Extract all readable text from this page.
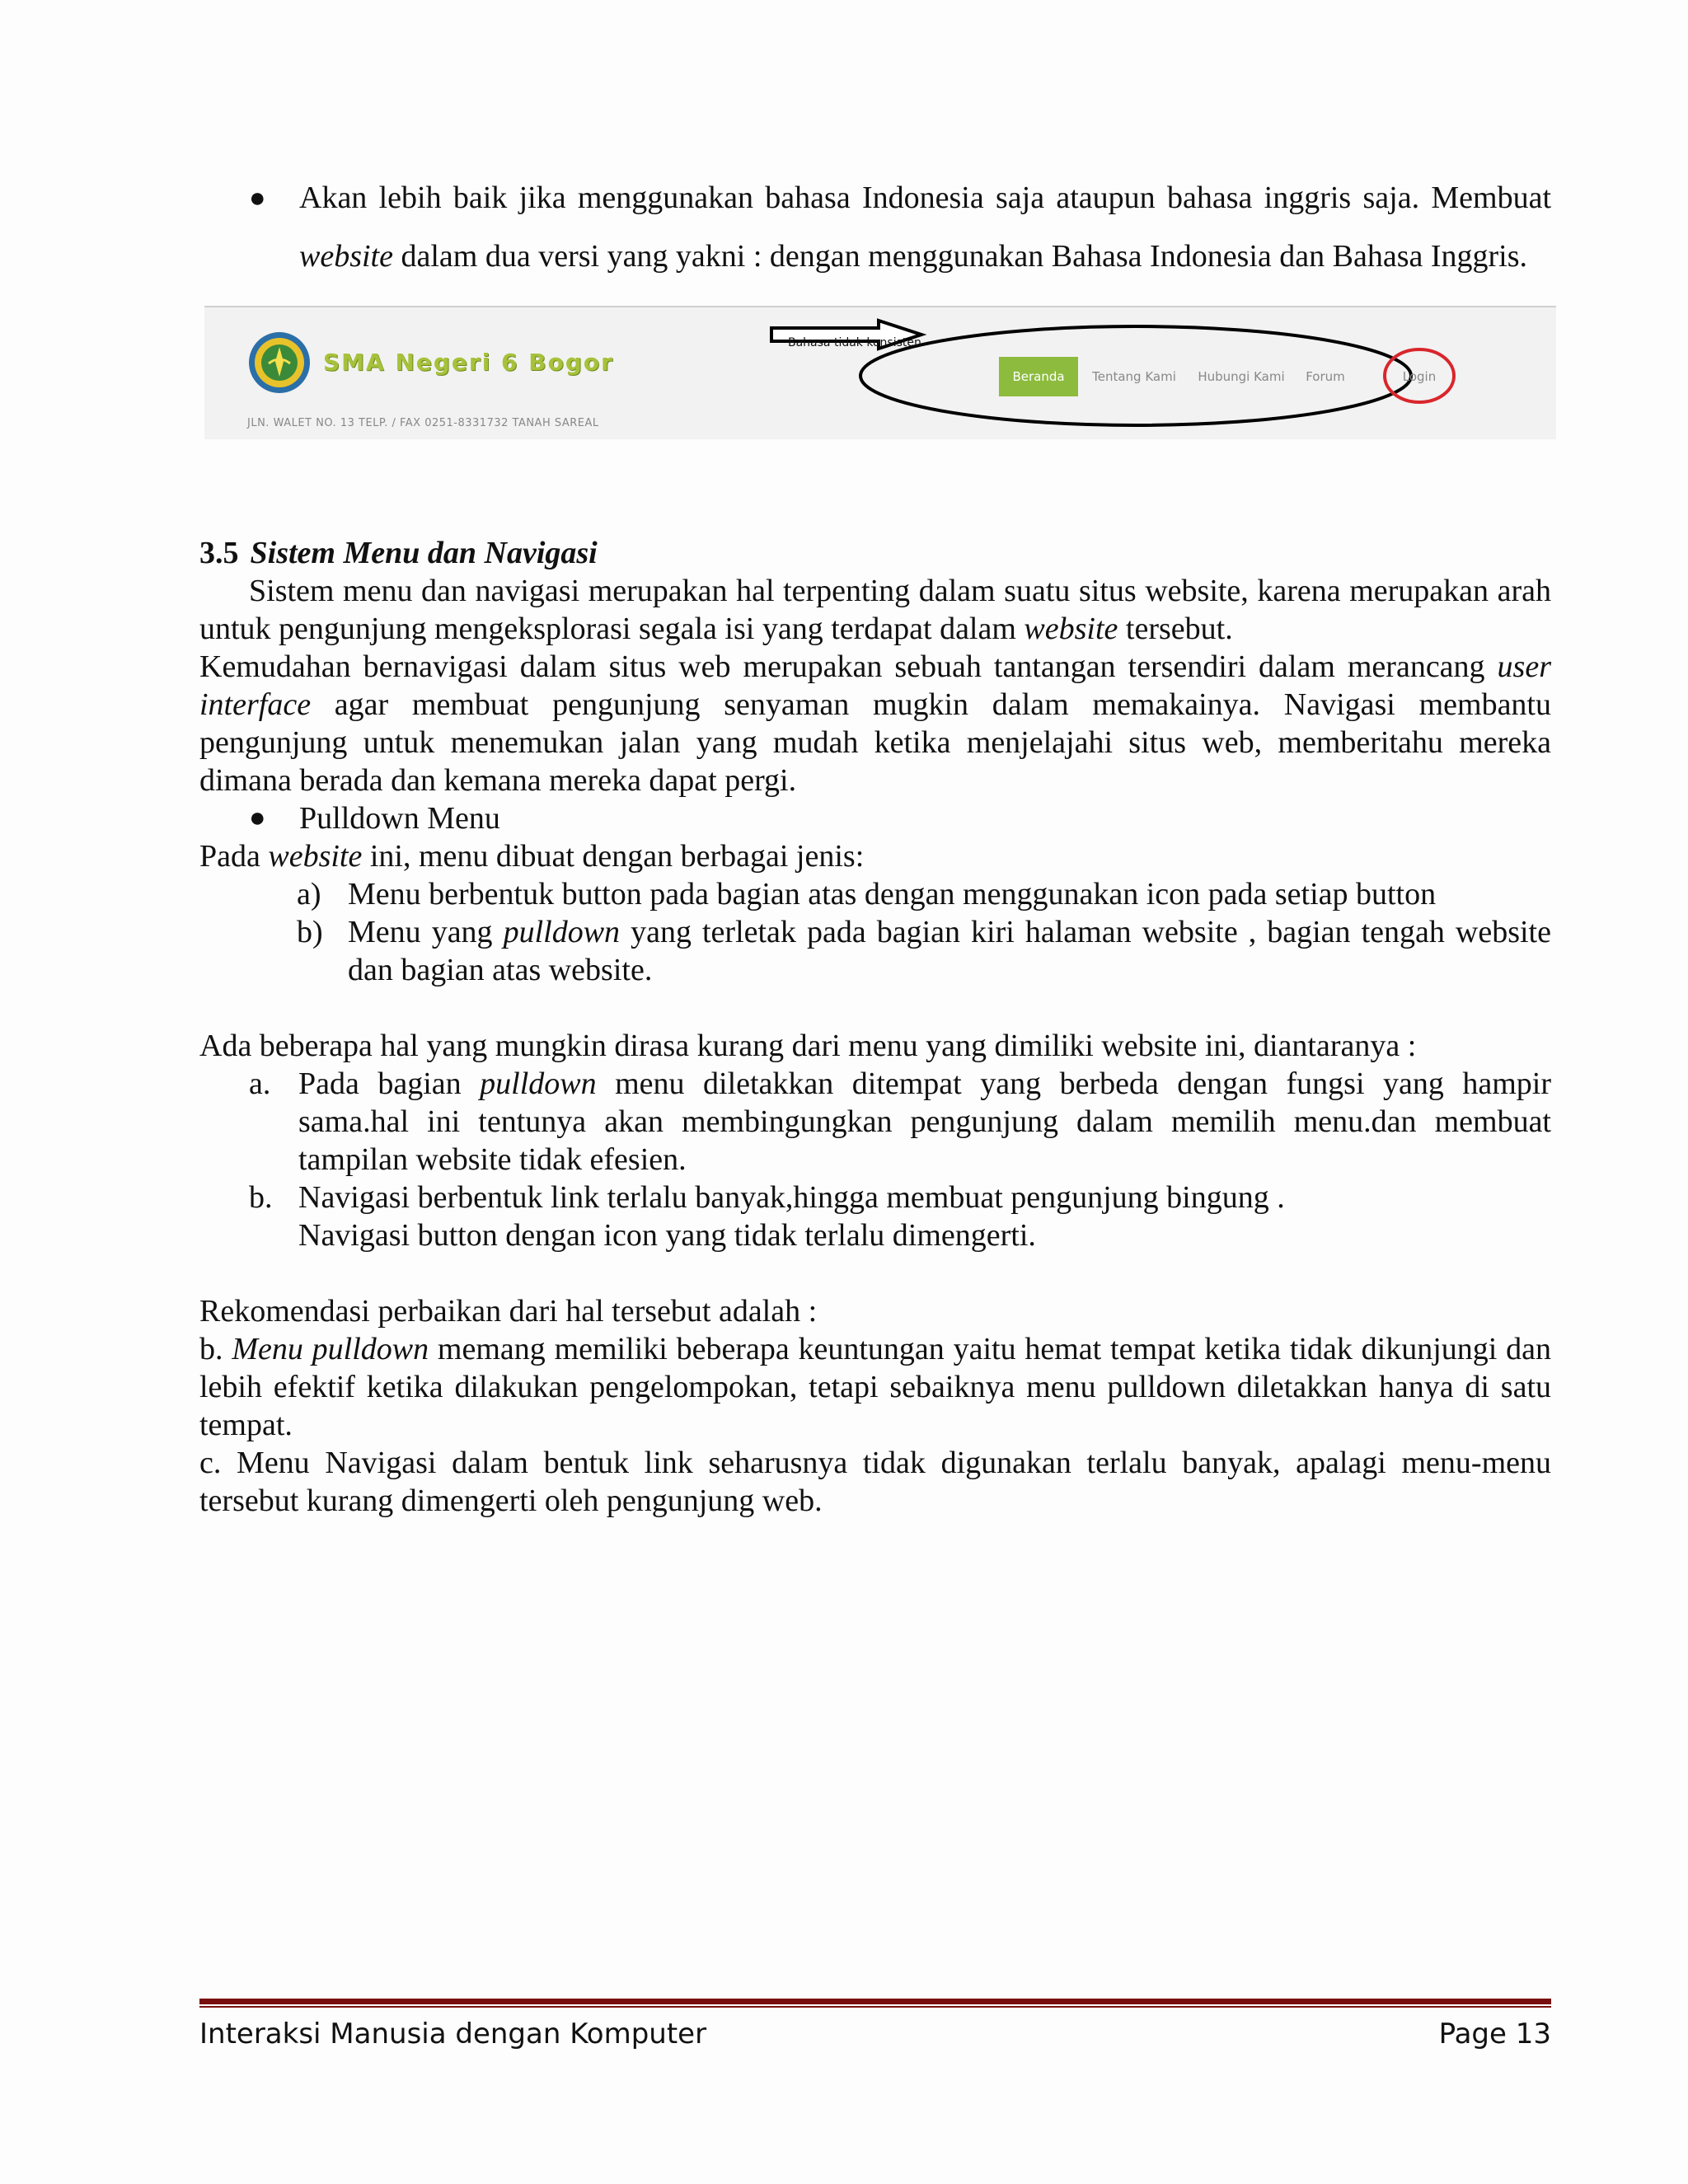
● Akan lebih baik jika menggunakan bahasa Indonesia saja ataupun bahasa inggris saja. Membuat website dalam dua versi yang yakni : dengan menggunakan Bahasa Indonesia dan Bahasa Inggris.
SMA Negeri 6 Bogor
JLN. WALET NO. 13 TELP. / FAX 0251-8331732 TANAH SAREAL
Bahasa tidak konsisten
Beranda	Tentang Kami	Hubungi Kami	Forum	Login
3.5 Sistem Menu dan Navigasi

Sistem menu dan navigasi merupakan hal terpenting dalam suatu situs website, karena merupakan arah untuk pengunjung mengeksplorasi segala isi yang terdapat dalam website tersebut.

Kemudahan bernavigasi dalam situs web merupakan sebuah tantangan tersendiri dalam merancang user interface agar membuat pengunjung senyaman mugkin dalam memakainya. Navigasi membantu pengunjung untuk menemukan jalan yang mudah ketika menjelajahi situs web, memberitahu mereka dimana berada dan kemana mereka dapat pergi.

● Pulldown Menu

Pada website ini, menu dibuat dengan berbagai jenis:

a) Menu berbentuk button pada bagian atas dengan menggunakan icon pada setiap button
b) Menu yang pulldown yang terletak pada bagian kiri halaman website , bagian tengah website dan bagian atas website.

Ada beberapa hal yang mungkin dirasa kurang dari menu yang dimiliki website ini, diantaranya :

a. Pada bagian pulldown menu diletakkan ditempat yang berbeda dengan fungsi yang hampir sama.hal ini tentunya akan membingungkan pengunjung dalam memilih menu.dan membuat tampilan website tidak efesien.
b. Navigasi berbentuk link terlalu banyak,hingga membuat pengunjung bingung .
Navigasi button dengan icon yang tidak terlalu dimengerti.

Rekomendasi perbaikan dari hal tersebut adalah :

b. Menu pulldown memang memiliki beberapa keuntungan yaitu hemat tempat ketika tidak dikunjungi dan lebih efektif ketika dilakukan pengelompokan, tetapi sebaiknya menu pulldown diletakkan hanya di satu tempat.

c. Menu Navigasi dalam bentuk link seharusnya tidak digunakan terlalu banyak, apalagi menu-menu tersebut kurang dimengerti oleh pengunjung web.

Interaksi Manusia dengan Komputer	Page 13
